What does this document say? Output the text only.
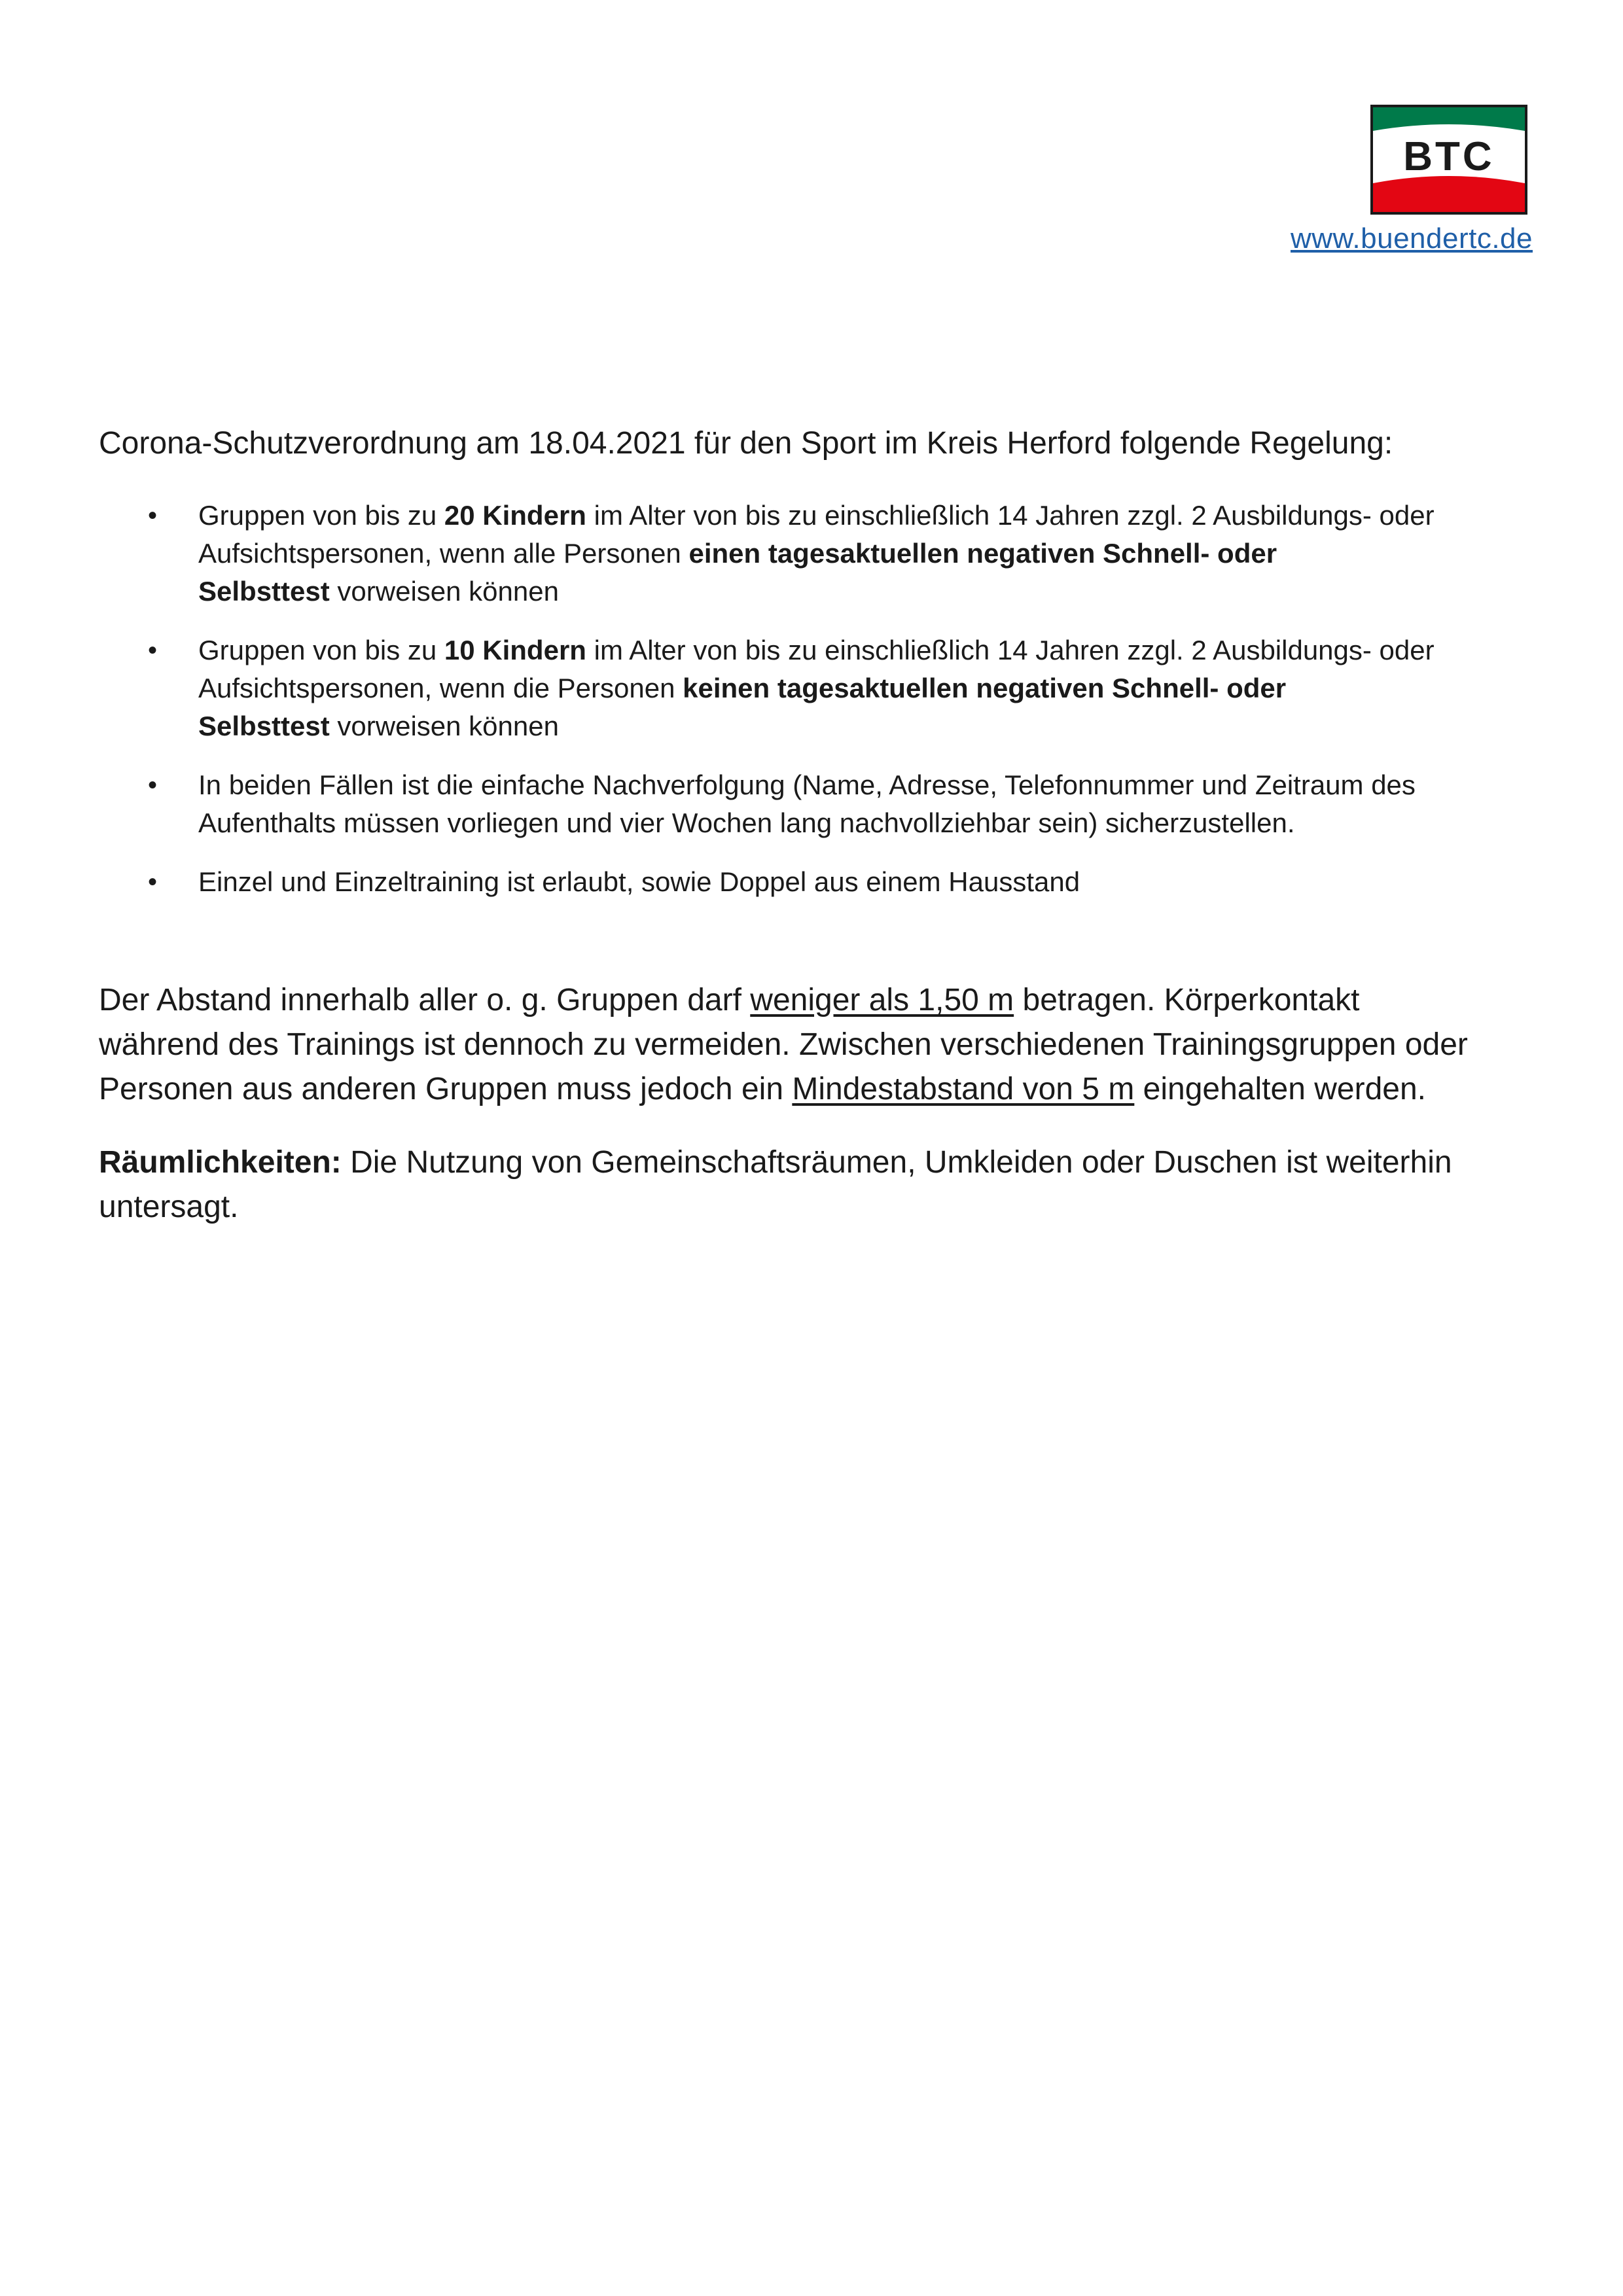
BTC
www.buendertc.de

Corona-Schutzverordnung am 18.04.2021 für den Sport im Kreis Herford folgende Regelung:

• Gruppen von bis zu 20 Kindern im Alter von bis zu einschließlich 14 Jahren zzgl. 2 Ausbildungs- oder
Aufsichtspersonen, wenn alle Personen einen tagesaktuellen negativen Schnell- oder
Selbsttest vorweisen können
• Gruppen von bis zu 10 Kindern im Alter von bis zu einschließlich 14 Jahren zzgl. 2 Ausbildungs- oder
Aufsichtspersonen, wenn die Personen keinen tagesaktuellen negativen Schnell- oder
Selbsttest vorweisen können
• In beiden Fällen ist die einfache Nachverfolgung (Name, Adresse, Telefonnummer und Zeitraum des
Aufenthalts müssen vorliegen und vier Wochen lang nachvollziehbar sein) sicherzustellen.
• Einzel und Einzeltraining ist erlaubt, sowie Doppel aus einem Hausstand

Der Abstand innerhalb aller o. g. Gruppen darf weniger als 1,50 m betragen. Körperkontakt
während des Trainings ist dennoch zu vermeiden. Zwischen verschiedenen Trainingsgruppen oder
Personen aus anderen Gruppen muss jedoch ein Mindestabstand von 5 m eingehalten werden.

Räumlichkeiten: Die Nutzung von Gemeinschaftsräumen, Umkleiden oder Duschen ist weiterhin
untersagt.
